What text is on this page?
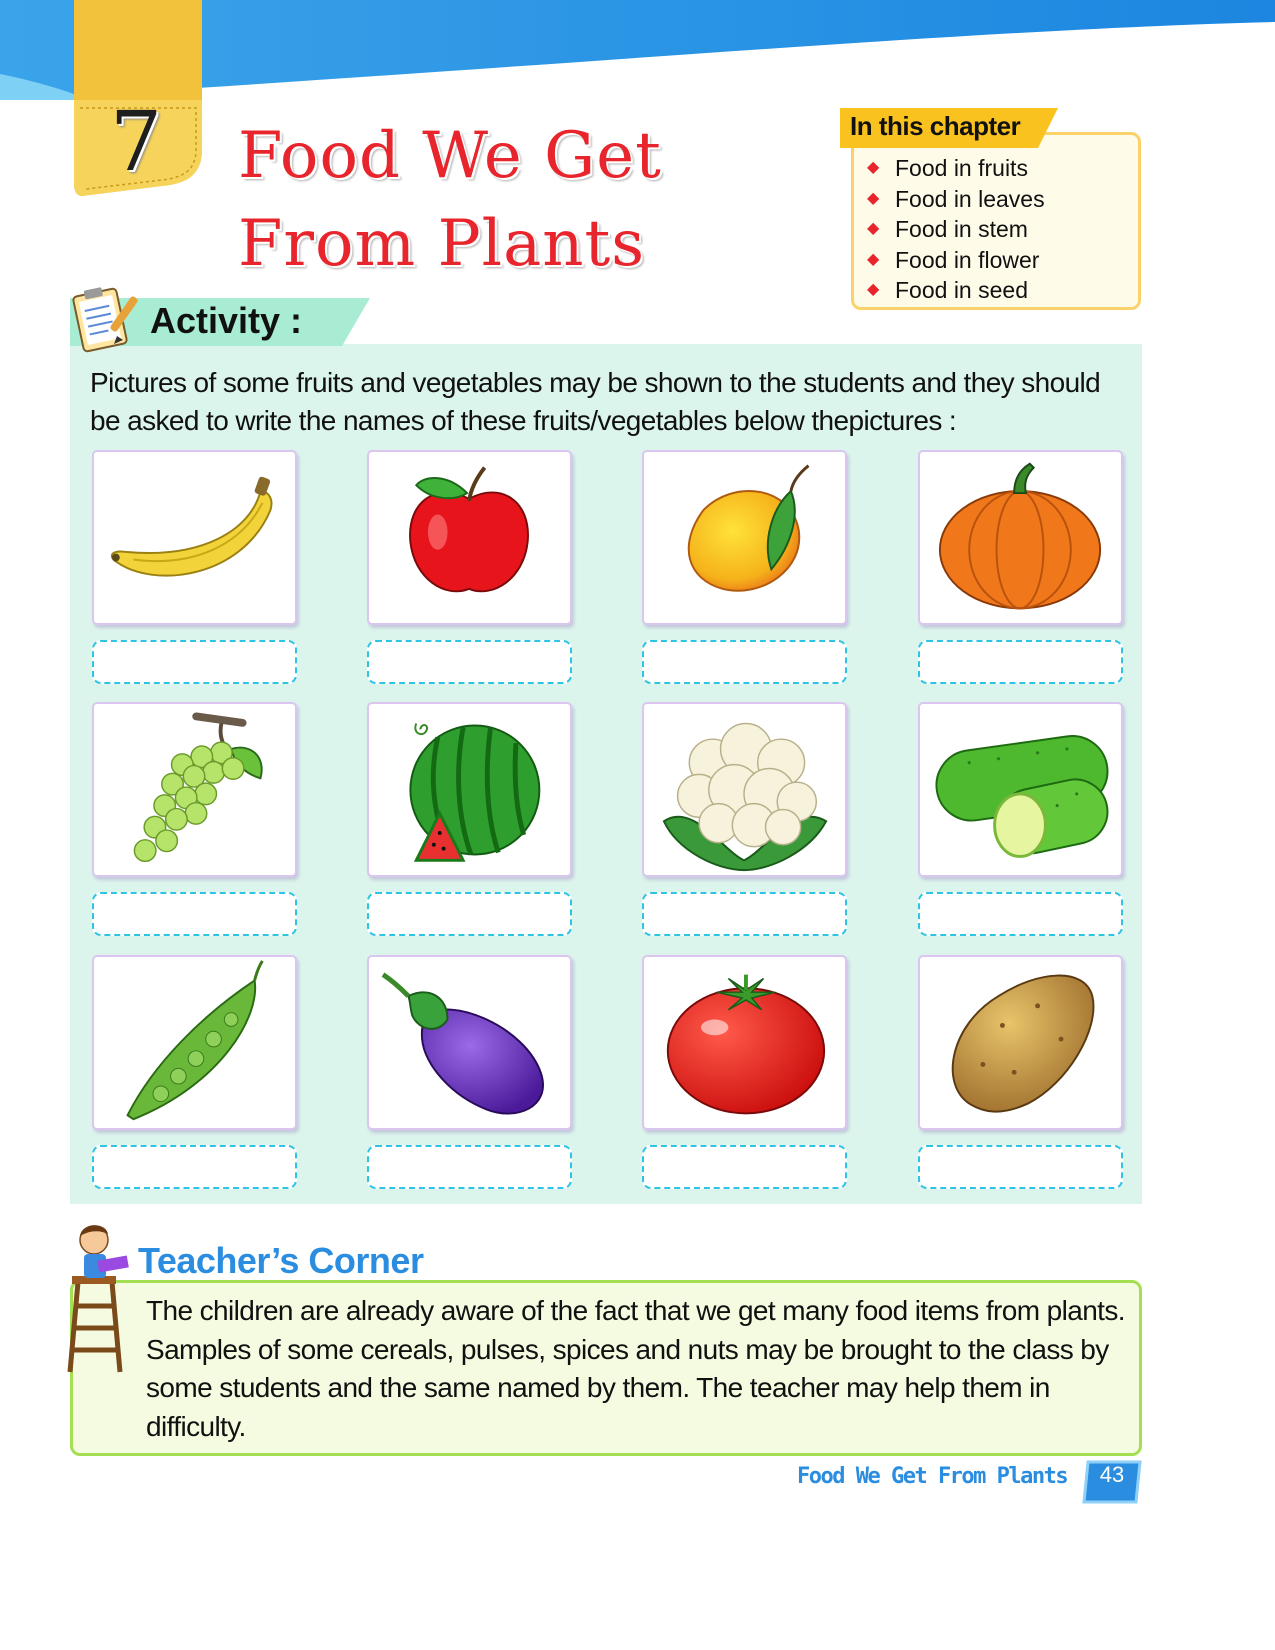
7 Food We Get From Plants
In this chapter
◆ Food in fruits
◆ Food in leaves
◆ Food in stem
◆ Food in flower
◆ Food in seed
Activity :
Pictures of some fruits and vegetables may be shown to the students and they should be asked to write the names of these fruits/vegetables below thepictures :
Teacher’s Corner
The children are already aware of the fact that we get many food items from plants. Samples of some cereals, pulses, spices and nuts may be brought to the class by some students and the same named by them. The teacher may help them in difficulty.
Food We Get From Plants 43
